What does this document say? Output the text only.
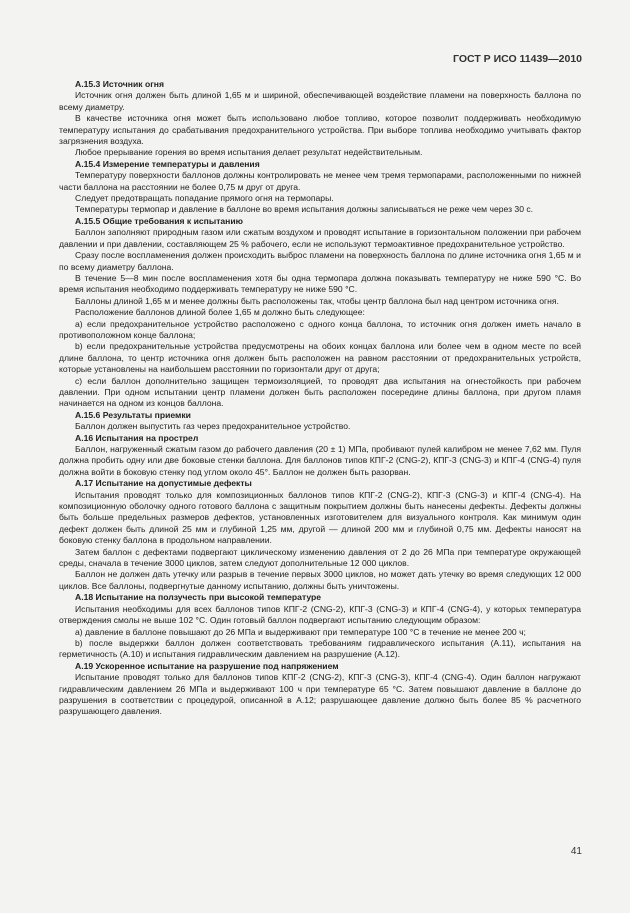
ГОСТ Р ИСО 11439—2010

A.15.3 Источник огня

Источник огня должен быть длиной 1,65 м и шириной, обеспечивающей воздействие пламени на поверхность баллона по всему диаметру.

В качестве источника огня может быть использовано любое топливо, которое позволит поддерживать необходимую температуру испытания до срабатывания предохранительного устройства. При выборе топлива необходимо учитывать фактор загрязнения воздуха.

Любое прерывание горения во время испытания делает результат недействительным.

A.15.4 Измерение температуры и давления

Температуру поверхности баллонов должны контролировать не менее чем тремя термопарами, расположенными по нижней части баллона на расстоянии не более 0,75 м друг от друга.

Следует предотвращать попадание прямого огня на термопары.

Температуры термопар и давление в баллоне во время испытания должны записываться не реже чем через 30 с.

A.15.5 Общие требования к испытанию

Баллон заполняют природным газом или сжатым воздухом и проводят испытание в горизонтальном положении при рабочем давлении и при давлении, составляющем 25 % рабочего, если не используют термоактивное предохранительное устройство.

Сразу после воспламенения должен происходить выброс пламени на поверхность баллона по длине источника огня 1,65 м и по всему диаметру баллона.

В течение 5—8 мин после воспламенения хотя бы одна термопара должна показывать температуру не ниже 590 °С. Во время испытания необходимо поддерживать температуру не ниже 590 °С.

Баллоны длиной 1,65 м и менее должны быть расположены так, чтобы центр баллона был над центром источника огня.

Расположение баллонов длиной более 1,65 м должно быть следующее:

a) если предохранительное устройство расположено с одного конца баллона, то источник огня должен иметь начало в противоположном конце баллона;

b) если предохранительные устройства предусмотрены на обоих концах баллона или более чем в одном месте по всей длине баллона, то центр источника огня должен быть расположен на равном расстоянии от предохранительных устройств, которые установлены на наибольшем расстоянии по горизонтали друг от друга;

c) если баллон дополнительно защищен термоизоляцией, то проводят два испытания на огнестойкость при рабочем давлении. При одном испытании центр пламени должен быть расположен посередине длины баллона, при другом пламя начинается на одном из концов баллона.

A.15.6 Результаты приемки

Баллон должен выпустить газ через предохранительное устройство.

A.16 Испытания на прострел

Баллон, нагруженный сжатым газом до рабочего давления (20 ± 1) МПа, пробивают пулей калибром не менее 7,62 мм. Пуля должна пробить одну или две боковые стенки баллона. Для баллонов типов КПГ-2 (CNG-2), КПГ-3 (CNG-3) и КПГ-4 (CNG-4) пуля должна войти в боковую стенку под углом около 45°. Баллон не должен быть разорван.

A.17 Испытание на допустимые дефекты

Испытания проводят только для композиционных баллонов типов КПГ-2 (CNG-2), КПГ-3 (CNG-3) и КПГ-4 (CNG-4). На композиционную оболочку одного готового баллона с защитным покрытием должны быть нанесены дефекты. Дефекты должны быть больше предельных размеров дефектов, установленных изготовителем для визуального контроля. Как минимум один дефект должен быть длиной 25 мм и глубиной 1,25 мм, другой — длиной 200 мм и глубиной 0,75 мм. Дефекты наносят на боковую стенку баллона в продольном направлении.

Затем баллон с дефектами подвергают циклическому изменению давления от 2 до 26 МПа при температуре окружающей среды, сначала в течение 3000 циклов, затем следуют дополнительные 12 000 циклов.

Баллон не должен дать утечку или разрыв в течение первых 3000 циклов, но может дать утечку во время следующих 12 000 циклов. Все баллоны, подвергнутые данному испытанию, должны быть уничтожены.

A.18 Испытание на ползучесть при высокой температуре

Испытания необходимы для всех баллонов типов КПГ-2 (CNG-2), КПГ-3 (CNG-3) и КПГ-4 (CNG-4), у которых температура отверждения смолы не выше 102 °С. Один готовый баллон подвергают испытанию следующим образом:

a) давление в баллоне повышают до 26 МПа и выдерживают при температуре 100 °С в течение не менее 200 ч;

b) после выдержки баллон должен соответствовать требованиям гидравлического испытания (A.11), испытания на герметичность (A.10) и испытания гидравлическим давлением на разрушение (A.12).

A.19 Ускоренное испытание на разрушение под напряжением

Испытание проводят только для баллонов типов КПГ-2 (CNG-2), КПГ-3 (CNG-3), КПГ-4 (CNG-4). Один баллон нагружают гидравлическим давлением 26 МПа и выдерживают 100 ч при температуре 65 °С. Затем повышают давление в баллоне до разрушения в соответствии с процедурой, описанной в A.12; разрушающее давление должно быть более 85 % расчетного разрушающего давления.

41
